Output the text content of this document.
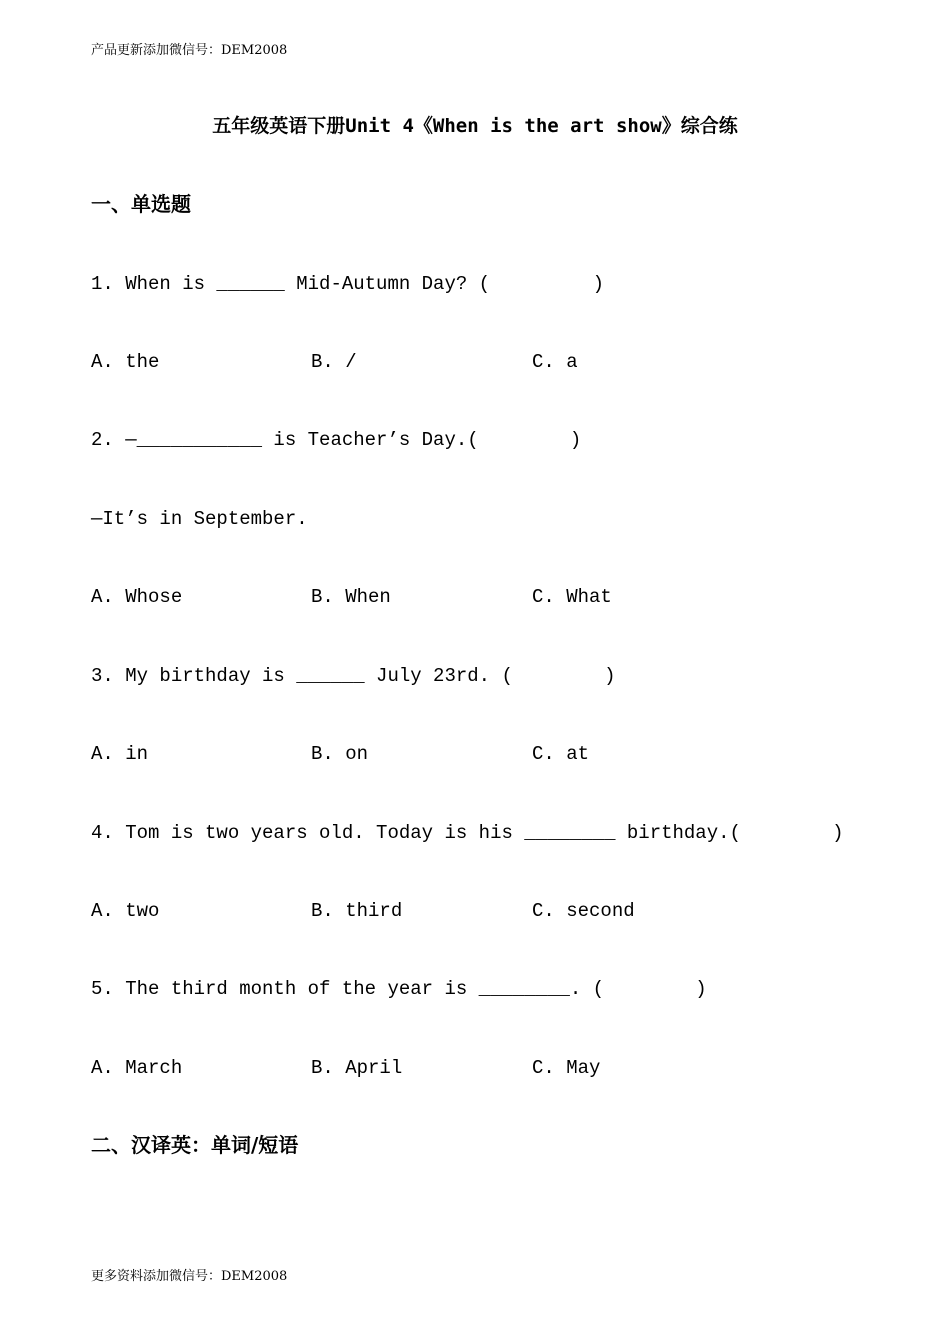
产品更新添加微信号：DEM2008
五年级英语下册Unit 4《When is the art show》综合练
一、单选题
1. When is ______ Mid-Autumn Day? (         )
A. the	B. /	C. a
2. —___________ is Teacher’s Day.(        )
—It’s in September.
A. Whose	B. When	C. What
3. My birthday is ______ July 23rd. (        )
A. in	B. on	C. at
4. Tom is two years old. Today is his ________ birthday.(        )
A. two	B. third	C. second
5. The third month of the year is ________. (        )
A. March	B. April	C. May
二、汉译英：单词/短语
更多资料添加微信号：DEM2008
